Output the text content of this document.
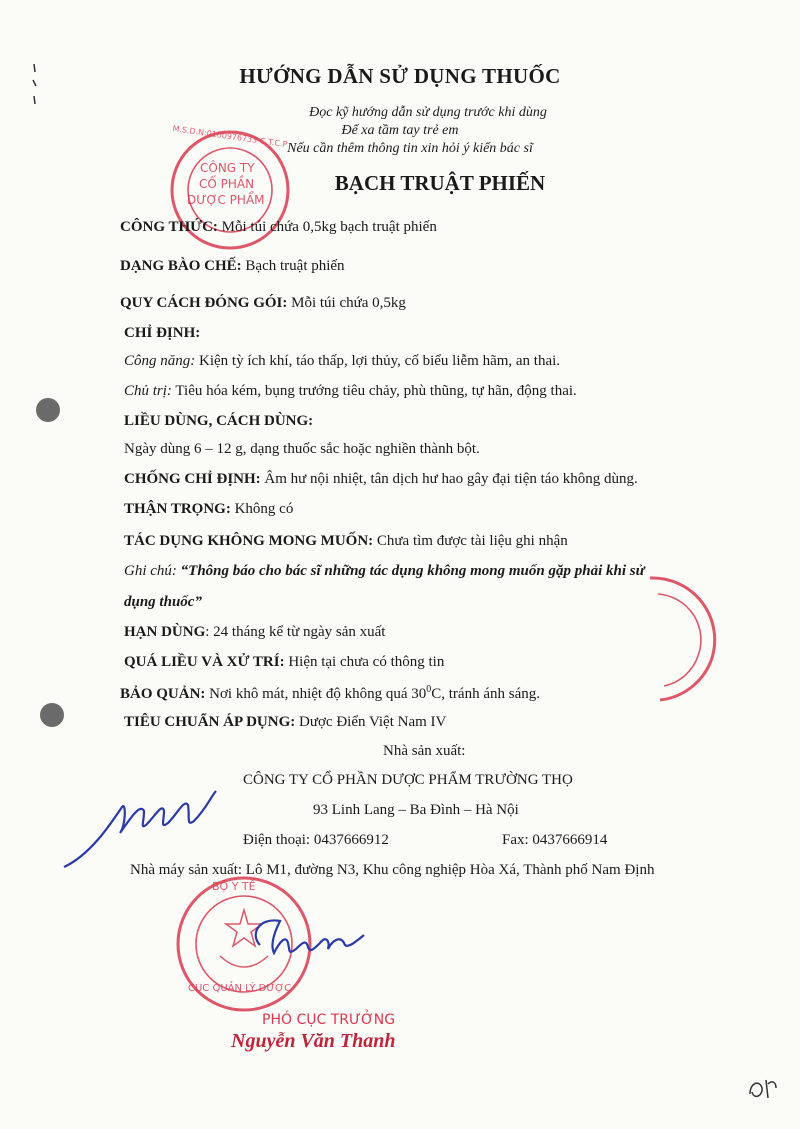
CÔNG TY
CỔ PHẦN
DƯỢC PHẨM
M.S.D.N:0100976733-C.T.C.P
HƯỚNG DẪN SỬ DỤNG THUỐC
Đọc kỹ hướng dẫn sử dụng trước khi dùng
Để xa tầm tay trẻ em
Nếu cần thêm thông tin xin hỏi ý kiến bác sĩ
BẠCH TRUẬT PHIẾN
CÔNG THỨC: Mỗi túi chứa 0,5kg bạch truật phiến
DẠNG BÀO CHẾ: Bạch truật phiến
QUY CÁCH ĐÓNG GÓI: Mỗi túi chứa 0,5kg
CHỈ ĐỊNH:
Công năng: Kiện tỳ ích khí, táo thấp, lợi thủy, cố biểu liễm hãm, an thai.
Chủ trị: Tiêu hóa kém, bụng trướng tiêu chảy, phù thũng, tự hãn, động thai.
LIỀU DÙNG, CÁCH DÙNG:
Ngày dùng 6 – 12 g, dạng thuốc sắc hoặc nghiền thành bột.
CHỐNG CHỈ ĐỊNH: Âm hư nội nhiệt, tân dịch hư hao gây đại tiện táo không dùng.
THẬN TRỌNG: Không có
TÁC DỤNG KHÔNG MONG MUỐN: Chưa tìm được tài liệu ghi nhận
Ghi chú: “Thông báo cho bác sĩ những tác dụng không mong muốn gặp phải khi sử
dụng thuốc”
HẠN DÙNG: 24 tháng kể từ ngày sản xuất
QUÁ LIỀU VÀ XỬ TRÍ: Hiện tại chưa có thông tin
BẢO QUẢN: Nơi khô mát, nhiệt độ không quá $30^0C$, tránh ánh sáng.
TIÊU CHUẨN ÁP DỤNG: Dược Điển Việt Nam IV
Nhà sản xuất:
CÔNG TY CỔ PHẦN DƯỢC PHẨM TRƯỜNG THỌ
93 Linh Lang – Ba Đình – Hà Nội
Điện thoại: 0437666912	Fax: 0437666914
Nhà máy sản xuất: Lô M1, đường N3, Khu công nghiệp Hòa Xá, Thành phố Nam Định
BỘ Y TẾ
CỤC QUẢN LÝ DƯỢC
PHÓ CỤC TRƯỞNG
Nguyễn Văn Thanh
